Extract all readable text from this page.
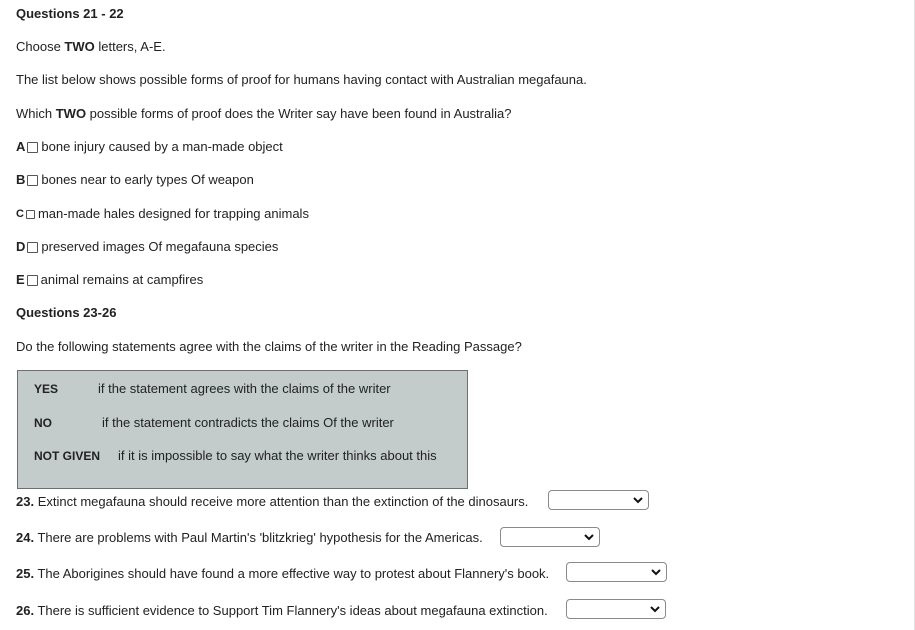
Questions 21 - 22
Choose TWO letters, A-E.
The list below shows possible forms of proof for humans having contact with Australian megafauna.
Which TWO possible forms of proof does the Writer say have been found in Australia?
A bone injury caused by a man-made object
B bones near to early types Of weapon
C man-made hales designed for trapping animals
D preserved images Of megafauna species
E animal remains at campfires
Questions 23-26
Do the following statements agree with the claims of the writer in the Reading Passage?
YES	if the statement agrees with the claims of the writer
NO	if the statement contradicts the claims Of the writer
NOT GIVEN if it is impossible to say what the writer thinks about this
23. Extinct megafauna should receive more attention than the extinction of the dinosaurs.
24. There are problems with Paul Martin's 'blitzkrieg' hypothesis for the Americas.
25. The Aborigines should have found a more effective way to protest about Flannery's book.
26. There is sufficient evidence to Support Tim Flannery's ideas about megafauna extinction.
